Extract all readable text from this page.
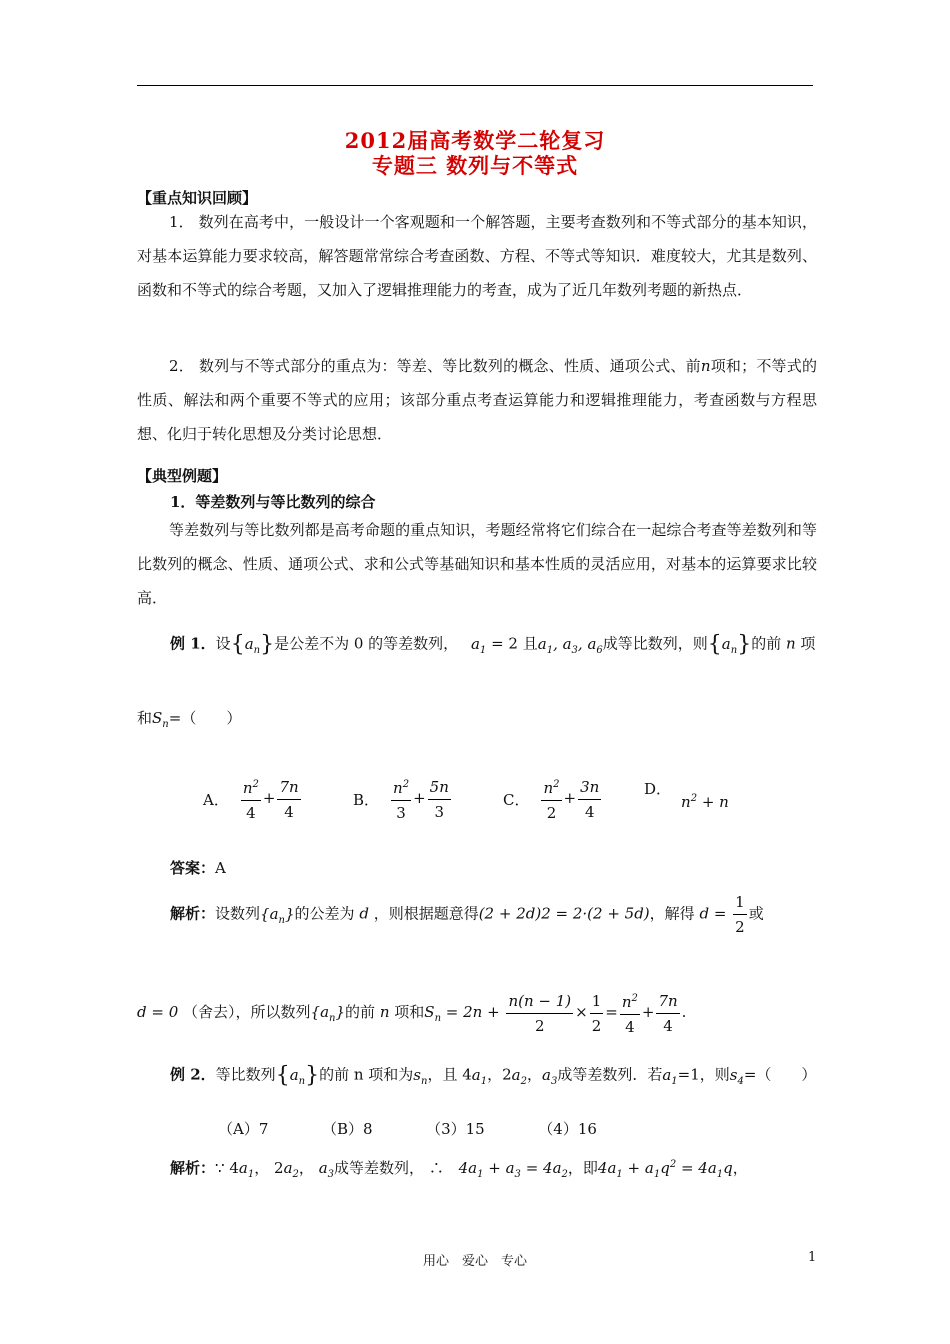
2012届高考数学二轮复习
专题三 数列与不等式
【重点知识回顾】

1． 数列在高考中，一般设计一个客观题和一个解答题，主要考查数列和不等式部分的基本知识，对基本运算能力要求较高，解答题常常综合考查函数、方程、不等式等知识．难度较大，尤其是数列、函数和不等式的综合考题，又加入了逻辑推理能力的考查，成为了近几年数列考题的新热点．

2． 数列与不等式部分的重点为：等差、等比数列的概念、性质、通项公式、前n项和；不等式的性质、解法和两个重要不等式的应用；该部分重点考查运算能力和逻辑推理能力，考查函数与方程思想、化归于转化思想及分类讨论思想．

【典型例题】
1．等差数列与等比数列的综合

等差数列与等比数列都是高考命题的重点知识，考题经常将它们综合在一起综合考查等差数列和等比数列的概念、性质、通项公式、求和公式等基础知识和基本性质的灵活应用，对基本的运算要求比较高．

例 1．设$\{a_n\}$是公差不为 0 的等差数列， $a_1 = 2$ 且$a_1$, $a_3$, $a_6$成等比数列，则$\{a_n\}$的前 n 项
和$S_n=$（　　）
A． $\frac{n^2}{4} + \frac{7n}{4}$	B． $\frac{n^2}{3} + \frac{5n}{3}$	C． $\frac{n^2}{2} + \frac{3n}{4}$	D．$n^2 + n$
答案：A
解析：设数列$\{a_n\}$的公差为 d ，则根据题意得(2 + 2d)2 = 2·(2 + 5d)，解得 $d = \frac{1}{2}$ 或
d = 0 （舍去），所以数列$\{a_n\}$的前 n 项和$S_n = 2n + \frac{n(n - 1)}{2} \times \frac{1}{2} = \frac{n^2}{4} + \frac{7n}{4}$ .
例 2．等比数列$\{a_n\}$的前 n 项和为$s_n$，且 $4a_1$，$2a_2$，$a_3$成等差数列．若$a_1=1$，则$s_4=$（　　）
（A）7	（B）8	（3）15	（4）16
解析：∵ $4a_1$， $2a_2$， $a_3$成等差数列， ∴ $4a_1 + a_3 = 4a_2$，即$4a_1 + a_1q^2 = 4a_1q$，
用心　爱心　专心	1
